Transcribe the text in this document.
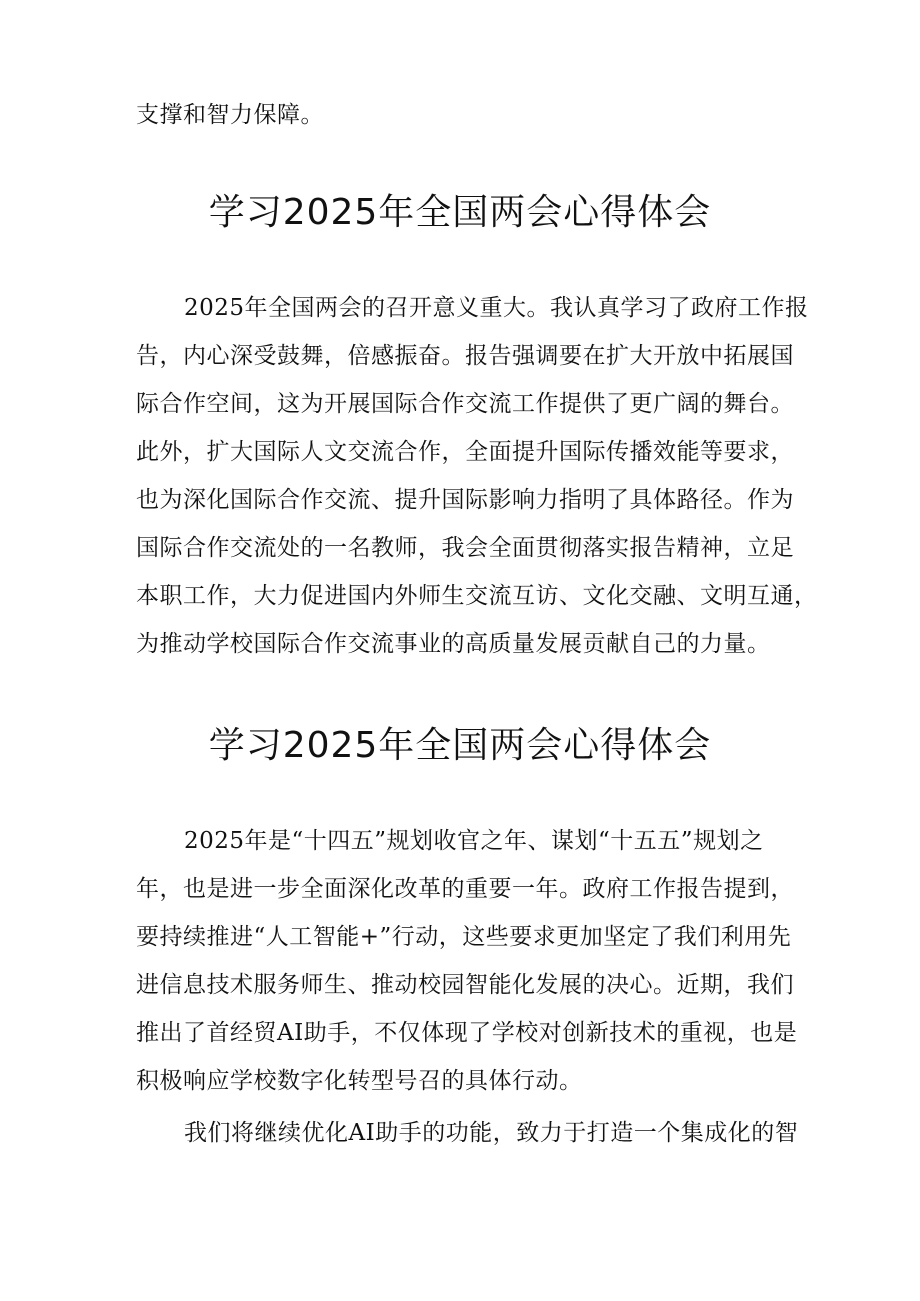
支撑和智力保障。
学习2025年全国两会心得体会
2025年全国两会的召开意义重大。我认真学习了政府工作报
告，内心深受鼓舞，倍感振奋。报告强调要在扩大开放中拓展国
际合作空间，这为开展国际合作交流工作提供了更广阔的舞台。
此外，扩大国际人文交流合作，全面提升国际传播效能等要求，
也为深化国际合作交流、提升国际影响力指明了具体路径。作为
国际合作交流处的一名教师，我会全面贯彻落实报告精神，立足
本职工作，大力促进国内外师生交流互访、文化交融、文明互通，
为推动学校国际合作交流事业的高质量发展贡献自己的力量。
学习2025年全国两会心得体会
2025年是“十四五”规划收官之年、谋划“十五五”规划之
年，也是进一步全面深化改革的重要一年。政府工作报告提到，
要持续推进“人工智能+”行动，这些要求更加坚定了我们利用先
进信息技术服务师生、推动校园智能化发展的决心。近期，我们
推出了首经贸AI助手，不仅体现了学校对创新技术的重视，也是
积极响应学校数字化转型号召的具体行动。
我们将继续优化AI助手的功能，致力于打造一个集成化的智
